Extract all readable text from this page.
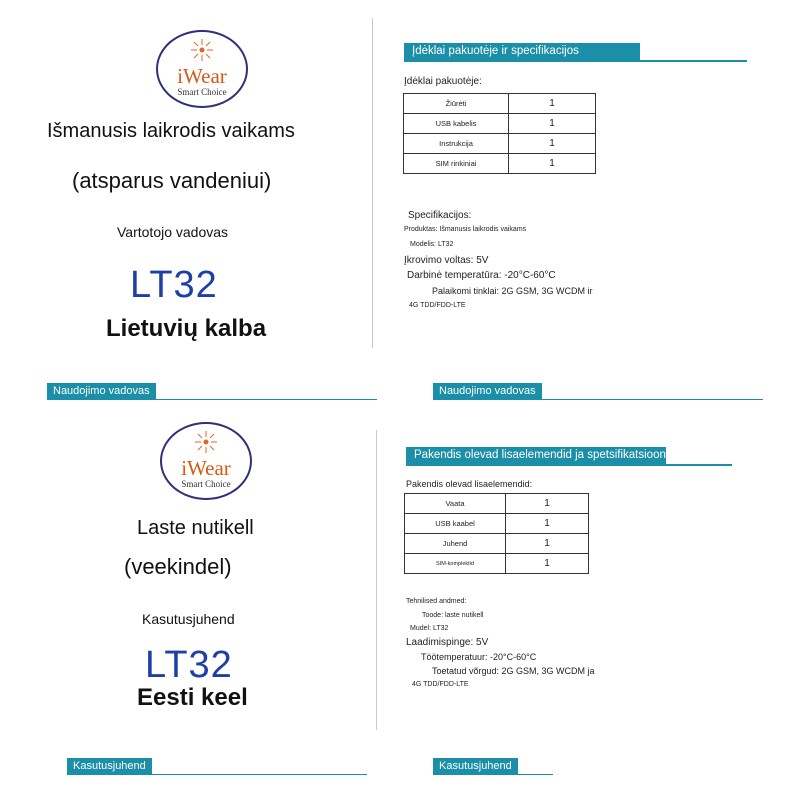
iWear
Smart Choice
Išmanusis laikrodis vaikams
(atsparus vandeniui)
Vartotojo vadovas
LT32
Lietuvių kalba
Naudojimo vadovas
Įdėklai pakuotėje ir specifikacijos
Įdėklai pakuotėje:
Žiūrėti	1
USB kabelis	1
Instrukcija	1
SIM rinkiniai	1
Specifikacijos:
Produktas: Išmanusis laikrodis vaikams
Modelis: LT32
Įkrovimo voltas: 5V
Darbinė temperatūra: -20°C-60°C
Palaikomi tinklai: 2G GSM, 3G WCDM ir
4G TDD/FDD-LTE
Naudojimo vadovas
iWear
Smart Choice
Laste nutikell
(veekindel)
Kasutusjuhend
LT32
Eesti keel
Kasutusjuhend
Pakendis olevad lisaelemendid ja spetsifikatsioonid
Pakendis olevad lisaelemendid:
Vaata	1
USB kaabel	1
Juhend	1
SIM-komplektid	1
Tehnilised andmed:
Toode: laste nutikell
Mudel: LT32
Laadimispinge: 5V
Töötemperatuur: -20°C-60°C
Toetatud võrgud: 2G GSM, 3G WCDM ja
4G TDD/FDD-LTE
Kasutusjuhend
